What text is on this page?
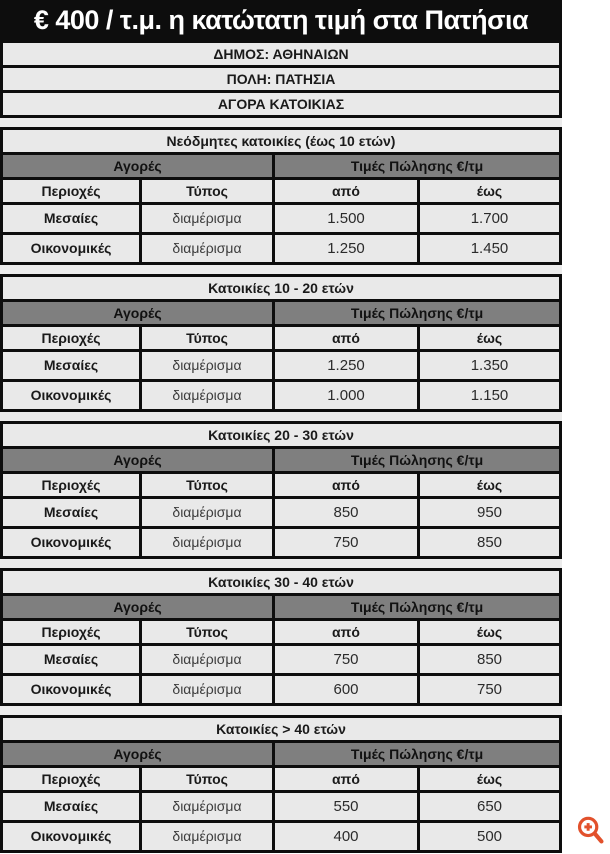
€ 400 / τ.μ. η κατώτατη τιμή στα Πατήσια
ΔΗΜΟΣ: ΑΘΗΝΑΙΩΝ
ΠΟΛΗ: ΠΑΤΗΣΙΑ
ΑΓΟΡΑ ΚΑΤΟΙΚΙΑΣ
Νεόδμητες κατοικίες (έως 10 ετών)
Αγορές	Τιμές Πώλησης €/τμ
Περιοχές	Τύπος	από	έως
Μεσαίες	διαμέρισμα	1.500	1.700
Οικονομικές	διαμέρισμα	1.250	1.450
Κατοικίες 10 - 20 ετών
Αγορές	Τιμές Πώλησης €/τμ
Περιοχές	Τύπος	από	έως
Μεσαίες	διαμέρισμα	1.250	1.350
Οικονομικές	διαμέρισμα	1.000	1.150
Κατοικίες 20 - 30 ετών
Αγορές	Τιμές Πώλησης €/τμ
Περιοχές	Τύπος	από	έως
Μεσαίες	διαμέρισμα	850	950
Οικονομικές	διαμέρισμα	750	850
Κατοικίες 30 - 40 ετών
Αγορές	Τιμές Πώλησης €/τμ
Περιοχές	Τύπος	από	έως
Μεσαίες	διαμέρισμα	750	850
Οικονομικές	διαμέρισμα	600	750
Κατοικίες > 40 ετών
Αγορές	Τιμές Πώλησης €/τμ
Περιοχές	Τύπος	από	έως
Μεσαίες	διαμέρισμα	550	650
Οικονομικές	διαμέρισμα	400	500
